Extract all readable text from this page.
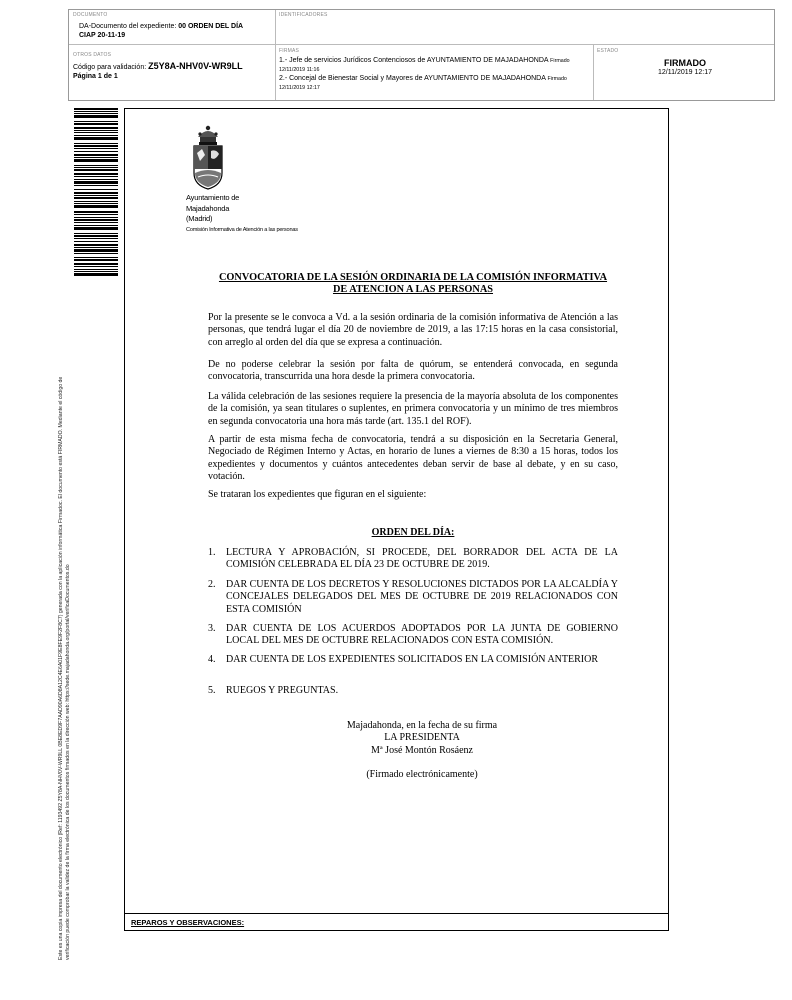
DOCUMENTO
DA-Documento del expediente: 00 ORDEN DEL DÍA
CIAP 20-11-19
IDENTIFICADORES
OTROS DATOS
Código para validación: Z5Y8A-NHV0V-WR9LL
Página 1 de 1
FIRMAS
1.- Jefe de servicios Jurídicos Contenciosos de AYUNTAMIENTO DE MAJADAHONDA Firmado 12/11/2019 11:16
2.- Concejal de Bienestar Social y Mayores de AYUNTAMIENTO DE MAJADAHONDA Firmado 12/11/2019 12:17
ESTADO
FIRMADO
12/11/2019 12:17
Este es una copia impresa del documento electrónico (Ref: 1193492 Z5Y8A-NHV0V-WR9LL 0BE8ED9F7AAD90A6D8A12C4E6A01F9E8FE9F2F8C7) generada con la aplicación informática Firmadoc. El documento está FIRMADO. Mediante el código de verificación puede comprobar la validez de la firma electrónica de los documentos firmados en la dirección web: https://sede.majadahonda.org/portal/verificaDocumentos.do	REPAROS Y OBSERVACIONES:
Ayuntamiento de
Majadahonda
(Madrid)
Comisión Informativa de Atención a las personas
CONVOCATORIA DE LA SESIÓN ORDINARIA DE LA COMISIÓN INFORMATIVA
DE ATENCION A LAS PERSONAS

Por la presente se le convoca a Vd. a la sesión ordinaria de la comisión informativa de Atención a las personas, que tendrá lugar el día 20 de noviembre de 2019, a las 17:15 horas en la casa consistorial, con arreglo al orden del día que se expresa a continuación.

De no poderse celebrar la sesión por falta de quórum, se entenderá convocada, en segunda convocatoria, transcurrida una hora desde la primera convocatoria.

La válida celebración de las sesiones requiere la presencia de la mayoría absoluta de los componentes de la comisión, ya sean titulares o suplentes, en primera convocatoria y un mínimo de tres miembros en segunda convocatoria una hora más tarde (art. 135.1 del ROF).

A partir de esta misma fecha de convocatoria, tendrá a su disposición en la Secretaria General, Negociado de Régimen Interno y Actas, en horario de lunes a viernes de 8:30 a 15 horas, todos los expedientes y documentos y cuántos antecedentes deban servir de base al debate, y en su caso, votación.

Se trataran los expedientes que figuran en el siguiente:

ORDEN DEL DÍA:
1. LECTURA Y APROBACIÓN, SI PROCEDE, DEL BORRADOR DEL ACTA DE LA COMISIÓN CELEBRADA EL DÍA 23 DE OCTUBRE DE 2019.
2. DAR CUENTA DE LOS DECRETOS Y RESOLUCIONES DICTADOS POR LA ALCALDÍA Y CONCEJALES DELEGADOS DEL MES DE OCTUBRE DE 2019 RELACIONADOS CON ESTA COMISIÓN
3. DAR CUENTA DE LOS ACUERDOS ADOPTADOS POR LA JUNTA DE GOBIERNO LOCAL DEL MES DE OCTUBRE RELACIONADOS CON ESTA COMISIÓN.
4. DAR CUENTA DE LOS EXPEDIENTES SOLICITADOS EN LA COMISIÓN ANTERIOR
5. RUEGOS Y PREGUNTAS.
Majadahonda, en la fecha de su firma
LA PRESIDENTA
Mª José Montón Rosáenz
(Firmado electrónicamente)
